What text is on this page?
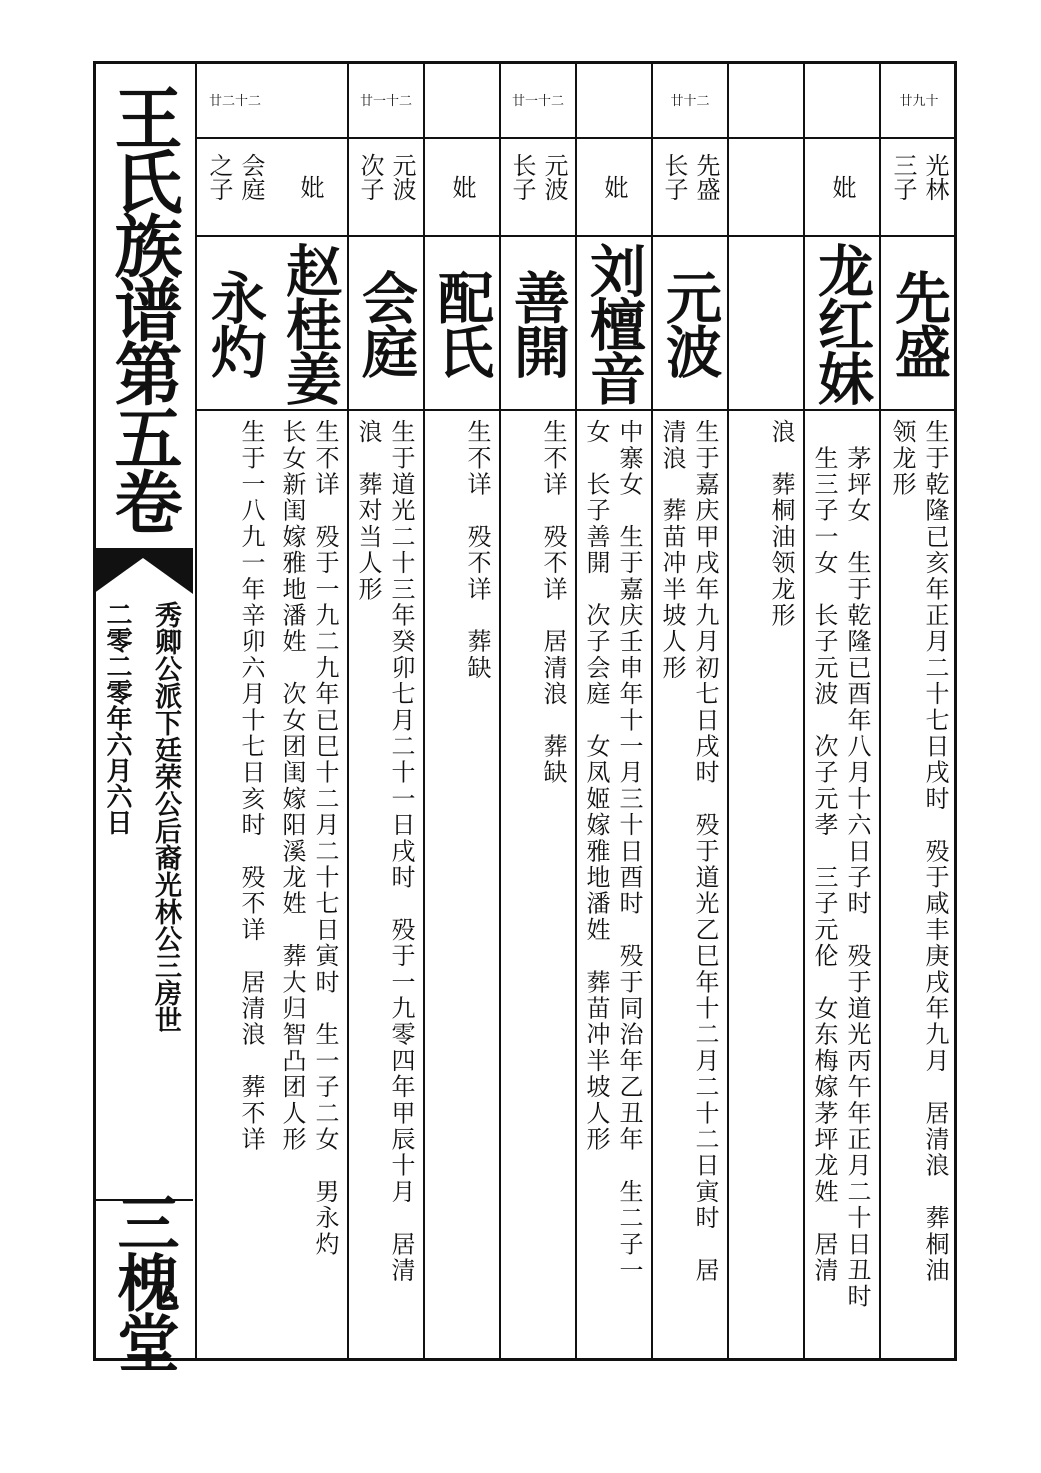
王氏族谱第五卷
秀卿公派下廷荣公后裔光林公三房世
二零二零年六月六日
三槐堂
廿九十
光林三子
先盛
生于乾隆已亥年正月二十七日戌时　殁于咸丰庚戌年九月　居清浪　葬桐油
领龙形
妣
龙红妹
　茅坪女　生于乾隆已酉年八月十六日子时　殁于道光丙午年正月二十日丑时
　生三子一女　长子元波　次子元孝　三子元伦　女东梅嫁茅坪龙姓　居清
浪　葬桐油领龙形
廿十二
先盛长子
元波
生于嘉庆甲戌年九月初七日戌时　殁于道光乙巳年十二月二十二日寅时　居
清浪　葬苗冲半坡人形
妣
刘檀音
中寨女　生于嘉庆壬申年十一月三十日酉时　殁于同治年乙丑年　生二子一
女　长子善開　次子会庭　女凤姬嫁雅地潘姓　葬苗冲半坡人形
廿一十二
元波长子
善開
生不详　殁不详　居清浪　葬缺
妣
配氏
生不详　殁不详　葬缺
廿一十二
元波次子
会庭
生于道光二十三年癸卯七月二十一日戌时　殁于一九零四年甲辰十月　居清
浪　葬对当人形
妣
赵桂姜
生不详　殁于一九二九年已巳十二月二十七日寅时　生一子二女　男永灼
长女新闺嫁雅地潘姓　次女团闺嫁阳溪龙姓　葬大归智凸团人形
廿二十二
会庭之子
永灼
生于一八九一年辛卯六月十七日亥时　殁不详　居清浪　葬不详
